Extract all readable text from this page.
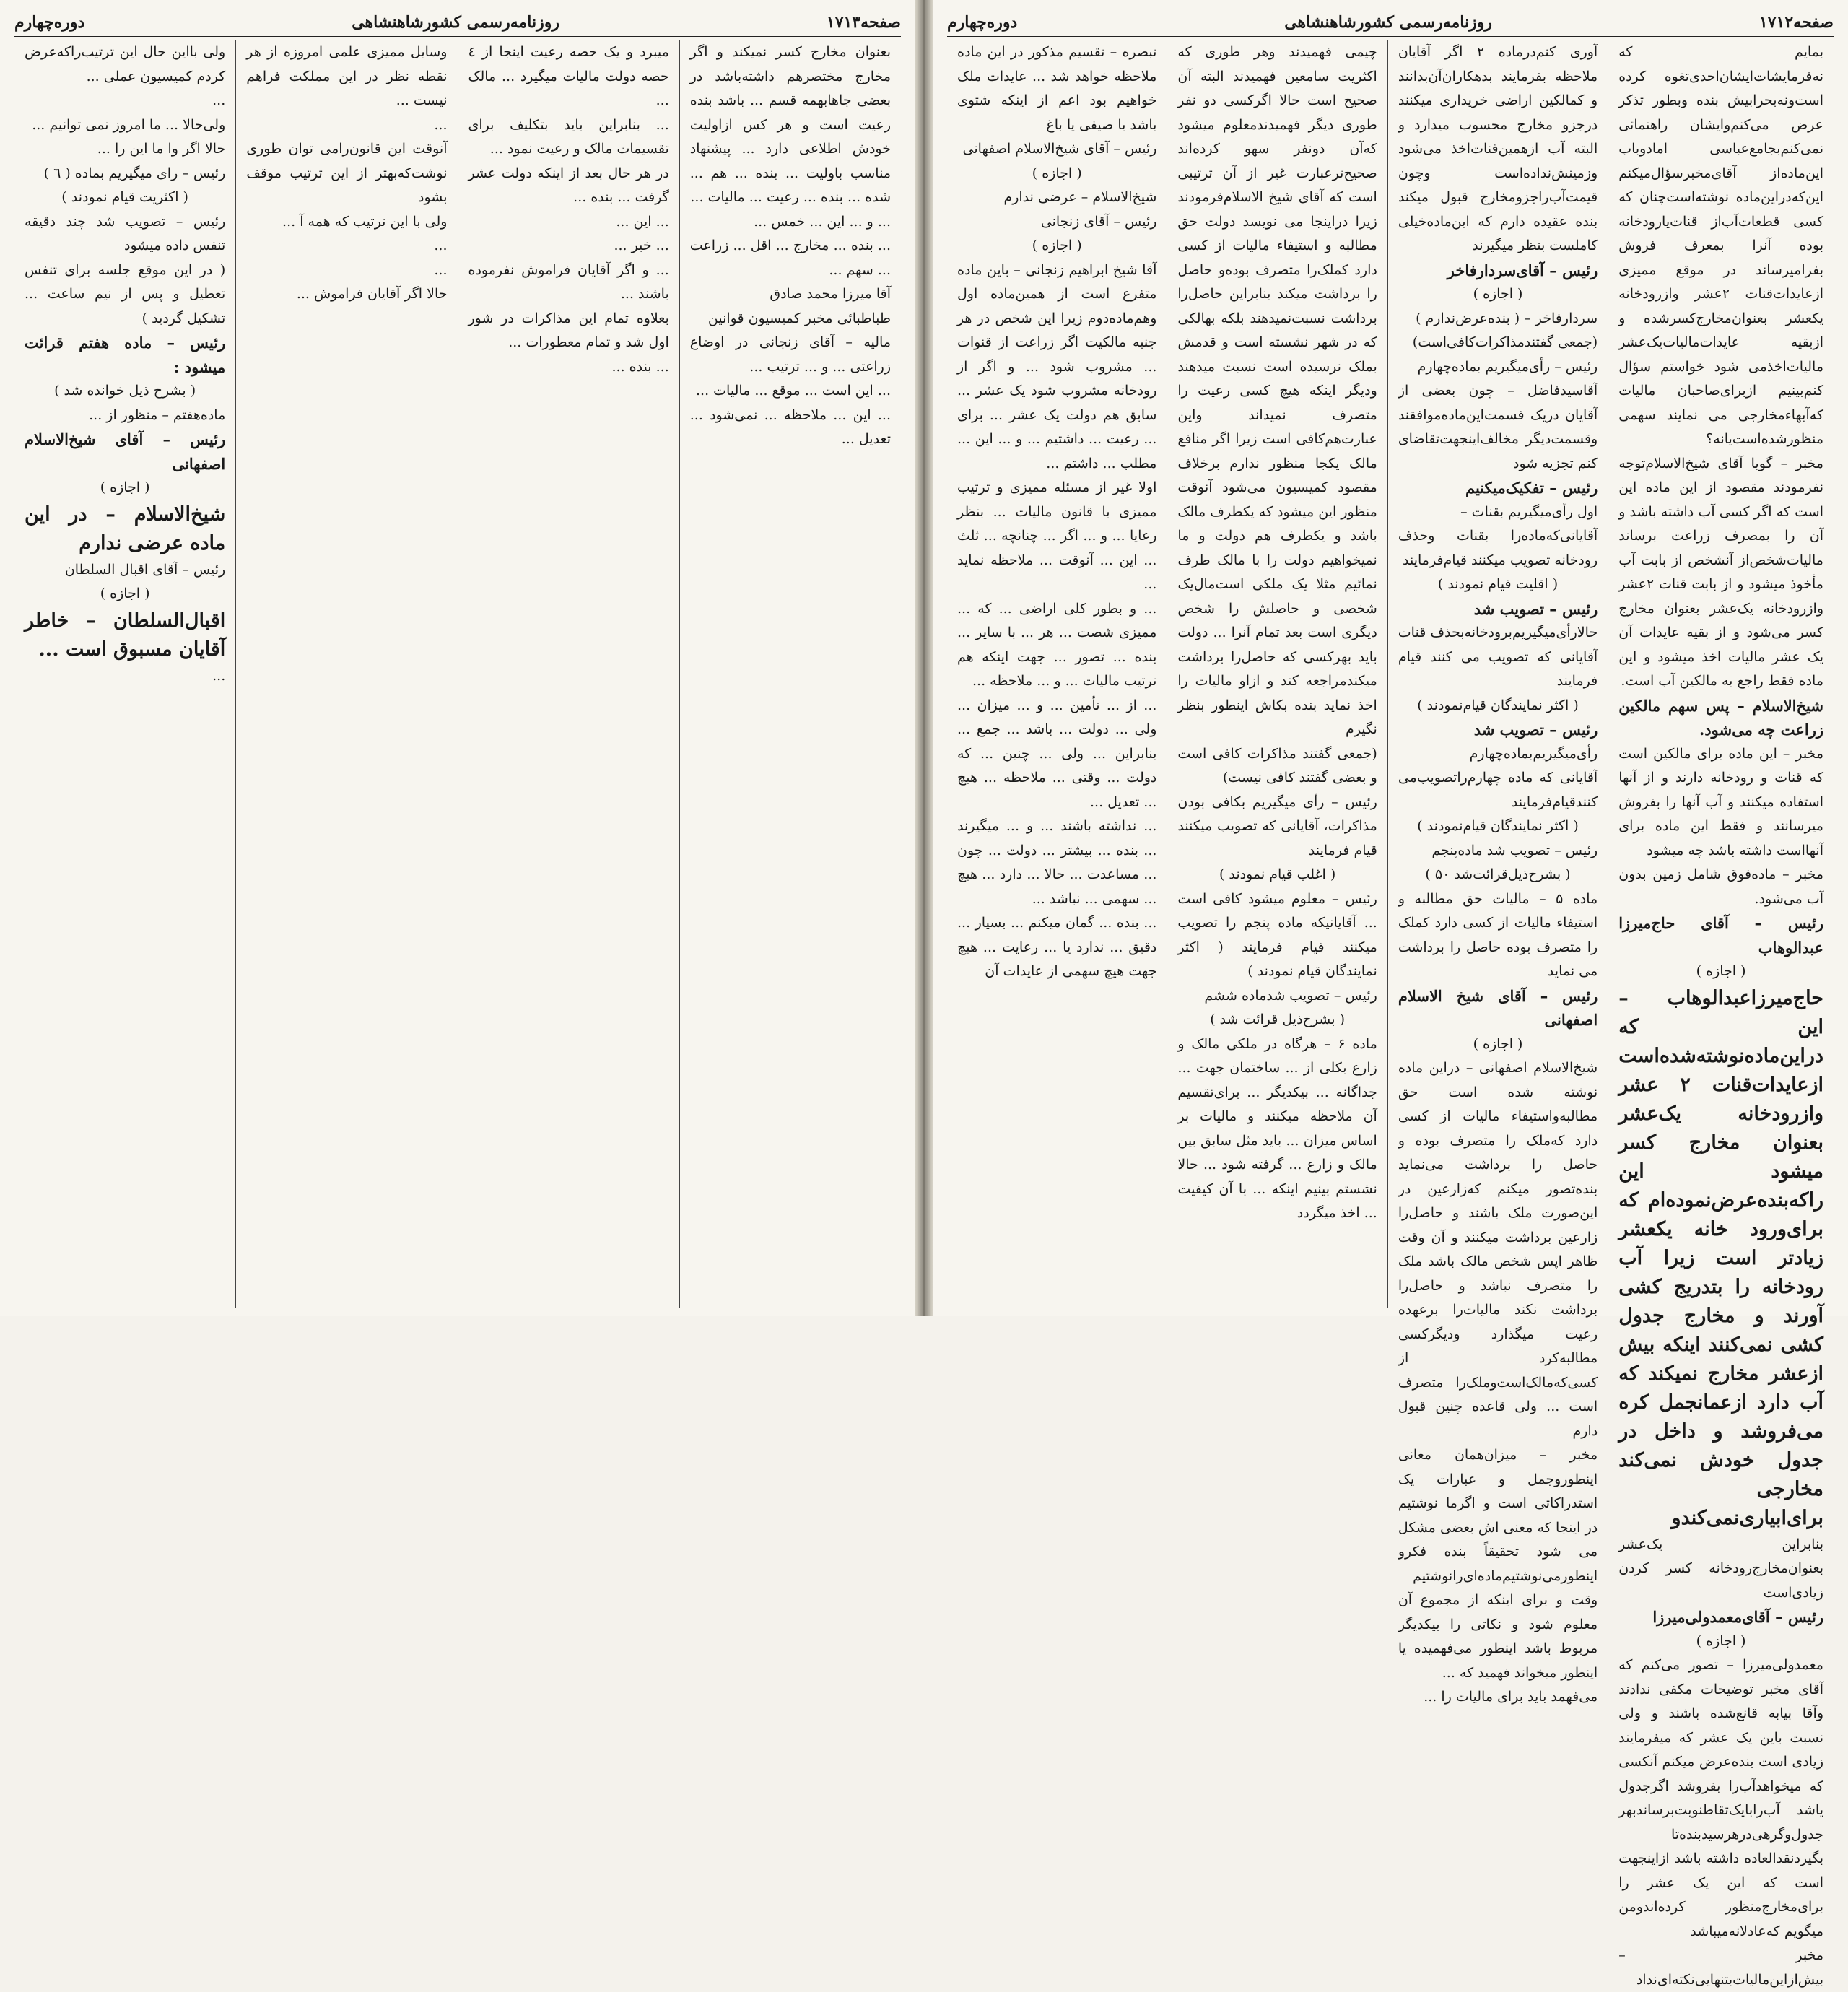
دوره‌چهارم	روزنامه‌رسمی کشورشاهنشاهی	صفحه۱۷۱۳

بعنوان مخارج کسر نمیکند و اگر مخارج مختصرهم داشته‌باشد در بعضی جاهابهمه قسم ... باشد بنده رعیت است و هر کس ازاولیت خودش اطلاعی دارد ... پیشنهاد مناسب باولیت ... بنده ... هم ... شده ... بنده ... رعیت ... مالیات ...

... و ... این ... خمس ...

... بنده ... مخارج ... اقل ... زراعت ... سهم ...

آقا میرزا محمد صادق

طباطبائی مخبر کمیسیون قوانین

مالیه – آقای زنجانی در اوضاع زراعتی ... و ... ترتیب ...

... این است ... موقع ... مالیات ...

... این ... ملاحظه ... نمی‌شود ... تعدیل ...

میبرد و یک حصه رعیت اینجا از ٤ حصه دولت مالیات میگیرد ... مالک ...

... بنابراین باید بتکلیف برای تقسیمات مالک و رعیت نمود ...

در هر حال بعد از اینکه دولت عشر گرفت ... بنده ...

... این ...

... خیر ...

... و اگر آقایان فراموش نفرموده باشند ...

بعلاوه تمام این مذاکرات در شور اول شد و تمام معطورات ...

... بنده ...

وسایل ممیزی علمی امروزه از هر نقطه نظر در این مملکت فراهم نیست ...

...

آنوقت این قانون‌رامی توان طوری نوشت‌که‌بهتر از این ترتیب موقف بشود

ولی با این ترتیب که همه آ ...

...

...

حالا اگر آقایان فراموش ...

ولی بااین حال این ترتیب‌راکه‌عرض کردم کمیسیون عملی ...

...

ولی‌حالا ... ما امروز نمی توانیم ...

حالا اگر وا ما این را ...

رئیس – رای میگیریم بماده ( ٦ )

( اکثریت قیام نمودند )

رئیس – تصویب شد چند دقیقه تنفس داده میشود

( در این موقع جلسه برای تنفس تعطیل و پس از نیم ساعت ... تشکیل گردید )

رئیس – ماده هفتم قرائت میشود :

( بشرح ذیل خوانده شد )

ماده‌هفتم – منظور از ...

رئیس – آقای شیخ‌الاسلام اصفهانی

( اجازه )

شیخ‌الاسلام – در این ماده عرضی ندارم

رئیس – آقای اقبال السلطان

( اجازه )

اقبال‌السلطان – خاطر آقایان مسبوق است ...

...

دوره‌چهارم	روزنامه‌رسمی کشورشاهنشاهی	صفحه۱۷۱۲

بمایم که نه‌فرمایشات‌ایشان‌احدی‌تغوه کرده است‌و‌نه‌بحرابیش بنده وبطور تذکر عرض می‌کنم‌وایشان راهنمائی نمی‌کنم‌بجامع‌عباسی امادوباب این‌ماده‌از آقای‌مخبر‌سؤال‌میکنم این‌که‌دراین‌ماده نوشته‌است‌چنان که کسی قطعات‌آب‌از قنات‌یارودخانه بوده آنرا بمعرف فروش بفرامیرساند در موقع ممیزی ازعایدات‌قنات ۲عشر وازرودخانه یکعشر بعنوان‌مخارج‌کسرشده و ازبقیه عایدات‌مالیات‌یک‌عشر مالیات‌اخذمی شود خواستم سؤال کنم‌بینیم ازبرای‌صاحبان مالیات که‌آبهاءمخارجی می نمایند سهمی منظور‌شده‌است‌یانه؟

مخبر – گویا آقای شیخ‌الاسلام‌توجه نفرمودند مقصود از این ماده این است که اگر کسی آب داشته باشد و آن را بمصرف زراعت برساند مالیات‌شخص‌از آنشخص از بابت آب مأخوذ میشود و از بابت قنات ۲عشر وازرودخانه یک‌عشر بعنوان مخارج کسر می‌شود و از بقیه عایدات آن یک عشر مالیات اخذ میشود و این ماده فقط راجع به مالکین آب است.

شیخ‌الاسلام – پس سهم مالکین زراعت چه می‌شود.

مخبر – این ماده برای مالکین است که قنات و رودخانه دارند و از آنها استفاده میکنند و آب آنها را بفروش میرسانند و فقط این ماده برای آنهااست داشته باشد چه میشود

مخبر – ماده‌فوق شامل زمین بدون آب می‌شود.

رئیس – آقای حاج‌میرزا عبدالوهاب

( اجازه )

حاج‌میرزا‌عبدالوهاب – این که دراین‌ماده‌نوشته‌شده‌است ازعایدات‌قنات ۲ عشر وازرودخانه یک‌عشر بعنوان مخارج کسر میشود این راکه‌بنده‌عرض‌نموده‌ام که برای‌ورود خانه یکعشر زیادتر است زیرا آب رودخانه را بتدریج کشی آورند و مخارج جدول کشی نمی‌کنند اینکه بیش ازعشر مخارج نمیکند که آب دارد ازعمانجمل کره می‌فروشد و داخل در جدول خودش نمی‌کند مخارجی برای‌ابیاری‌نمی‌کند‌و

بنابراین یک‌عشر بعنوان‌مخارج‌رودخانه کسر کردن زیادی‌است

رئیس – آقای‌معمدولی‌میرزا

( اجازه )

معمدولی‌میرزا – تصور می‌کنم که آقای مخبر توضیحات مکفی ندادند وآقا بیابه قانع‌شده باشند و ولی نسبت باین یک عشر که میفرمایند زیادی است بنده‌عرض میکنم آنکسی که میخواهدآب‌را بفروشد اگرجدول یا‌شد آب‌رابایک‌تقاطنوبت‌برساندبهر جدول‌وگرهی‌درهرسید‌بنده‌تا بگیرد‌نقدالعاده داشته باشد ازاینجهت است که این یک عشر را برای‌مخارج‌منظور کرده‌اند‌ومن میگویم که‌عادلانه‌میباشد

مخبر – بیش‌ازاین‌مالیات‌بتنهایی‌نکته‌ای‌نداد

آوری کنم‌درماده ۲ اگر آقایان ملاحظه بفرمایند بدهکاران‌آن‌بدانند و کمالکین اراضی خریداری میکنند درجزو مخارج محسوب میدارد و البته آب ازهمین‌قنات‌اخذ می‌شود وزمینش‌نداده‌است وچون قیمت‌آب‌راجزومخارج قبول میکند بنده عقیده دارم که این‌ماده‌خیلی کاملست بنظر میگیرند

رئیس – آقای‌سردارفاخر

( اجازه )

سردارفاخر – ( بنده‌عرض‌ندارم )

(جمعی گفتند‌مذاکرات‌کافی‌است)

رئیس – رأی‌میگیریم بماده‌چهارم

آقا‌سید‌فاضل – چون بعضی از آقایان دریک قسمت‌این‌ماده‌موافقند وقسمت‌دیگر مخالف‌اینجهت‌تقاضا‌ی کنم تجزیه شود

رئیس – تفکیک‌میکنیم

اول رأی‌میگیریم بقنات –

آقایانی‌که‌ماده‌را بقنات وحذف رودخانه تصویب میکنند قیام‌فرمایند

( اقلیت قیام نمودند )

رئیس – تصویب شد

حالارأی‌میگیریم‌برود‌خانه‌بحذف قنات آقایانی که تصویب می کنند قیام فرمایند

( اکثر نمایندگان قیام‌نمودند )

رئیس – تصویب شد

رأی‌میگیریم‌بماده‌چهارم

آقایانی که ماده چهارم‌را‌تصویب‌می کنندقیام‌فرمایند

( اکثر نمایندگان قیام‌نمودند )

رئیس – تصویب شد ماده‌پنجم

( بشرح‌ذیل‌قرائت‌شد ۵۰ )

ماده ۵ – مالیات حق مطالبه و استیفاء مالیات از کسی دارد کملک را متصرف بوده حاصل را برداشت می نماید

رئیس – آقای شیخ الاسلام اصفهانی

( اجازه )

شیخ‌الاسلام اصفهانی – دراین ماده نوشته شده است حق مطالبه‌واستیفاء مالیات از کسی دارد که‌ملک را متصرف بوده و حاصل را برداشت می‌نماید بنده‌تصور میکنم که‌زارعین در این‌صورت ملک باشند و حاصل‌را زارعین برداشت میکنند و آن‌ وقت ظاهر اپس شخص مالک باشد ملک را متصرف نباشد و حاصل‌را ‌برداشت نکند مالیات‌را برعهده‌ ‌رعیت میگذارد ودیگرکسی مطالبه‌کرد از کسی‌که‌مالک‌است‌و‌ملک‌را متصرف است‌ ... ولی قاعده چنین قبول دارم

مخبر – میزان‌همان معانی اینطوروجمل و عبارات یک استدراکاتی است و اگرما نوشتیم در اینجا که معنی اش بعضی مشکل می شود تحقیقاً بنده فکرو اینطور‌می‌نوشتیم‌ماده‌ای‌را‌نوشتیم وقت‌ و برای اینکه از مجموع‌ آن‌ معلوم‌ شود و نکاتی را بیکدیگر مربوط باشد اینطور می‌فهمیده یا اینطور میخواند فهمید که ...

می‌فهمد باید برای‌ مالیات‌ را ...

چیمی فهمیدند وهر طوری که اکثریت سامعین فهمیدند البته آن صحیح است حالا اگرکسی دو نفر طوری دیگر فهمیدند‌معلوم میشود که‌آن دونفر سهو کرده‌اند صحیح‌ترعبارت غیر از آن ترتیبی است که آقای شیخ ‌الاسلام‌فرمودند زیرا دراینجا می نویسد دولت حق مطالبه و استیفاء مالیات از کسی دارد کملک‌را متصرف بوده‌و حاصل را برداشت میکند بنابراین حاصل‌را برداشت نسبت‌نمیدهند‌ بلکه بهالکی که در شهر نشسته است و قدمش بملک نرسیده است نسبت میدهند ودیگر اینکه هیچ کسی رعیت را متصرف نمیداند واین عبارت‌هم‌کافی است زیرا اگر منافع مالک یکجا منظور ندارم برخلاف مقصود کمیسیون می‌شود آنوقت منظور این میشود که یکطرف مالک باشد و یکطرف هم دولت و ما نمیخواهیم دولت را با مالک طرف نمائیم مثلا یک ملکی است‌مال‌یک شخصی و حاصلش را شخص دیگری است بعد تمام‌ آنرا ... دولت باید بهرکسی که حاصل‌را برداشت میکندمراجعه کند و ازاو مالیات را اخذ نماید بنده بکاش اینطور بنظر نگیرم

(جمعی گفتند مذاکرات کافی است و بعضی گفتند کافی نیست)

رئیس – رأی میگیریم بکافی بودن مذاکرات، آقایانی که تصویب میکنند قیام فرمایند

( اغلب قیام نمودند )

رئیس – معلوم میشود کافی است ... آقایانیکه ماده پنجم را تصویب میکنند قیام فرمایند ( اکثر نمایندگان قیام نمودند )

رئیس – تصویب شد‌ماده ششم

( بشرح‌ذیل قرائت شد )

ماده ۶ – هرگاه در ملکی مالک و زارع بکلی از ... ساختمان جهت ... جداگانه ... بیکدیگر ... برای‌تقسیم آن ملاحظه میکنند و مالیات بر اساس میزان ... باید مثل سابق بین مالک و زارع ... گرفته شود ... حالا نشستم بینیم اینکه ... با آن کیفیت ... اخذ میگردد

تبصره – تقسیم مذکور در این ماده ملاحظه خواهد شد ... عایدات ملک خواهیم بود اعم از اینکه شتوی باشد یا صیفی یا باغ

رئیس – آقای شیخ‌الاسلام اصفهانی

( اجازه )

شیخ‌الاسلام – عرضی ندارم

رئیس – آقای زنجانی

( اجازه )

آقا شیخ ابراهیم زنجانی – باین ماده متفرع است از همین‌ماده اول وهم‌ماده‌دوم زیرا این شخص در هر جنبه مالکیت اگر زراعت از قنوات ... مشروب شود ... و اگر از رودخانه مشروب شود یک عشر ... سابق هم دولت یک عشر ... برای ... رعیت ... داشتیم ... و ... این ... مطلب ... داشتم ...

اولا غیر از مسئله ممیزی و ترتیب ممیزی با قانون مالیات ... بنظر رعایا ... و ... اگر ... چنانچه ... ثلث ... این ... آنوقت ... ملاحظه نماید ...

... و بطور کلی اراضی ... که ... ممیزی شصت ... هر ... با سایر ... بنده ... تصور ... جهت اینکه هم ترتیب مالیات ... و ... ملاحظه ...

... از ... تأمین ... و ... میزان ... ولی ... دولت ... باشد ... جمع ... بنابراین ... ولی ... چنین ... که دولت ... وقتی ... ملاحظه ... هیچ ... تعدیل ...

... نداشته باشند ... و ... میگیرند ... بنده ... بیشتر ... دولت ... چون ... مساعدت ... حالا ... دارد ... هیچ ... سهمی ... نباشد ...

... بنده ... گمان میکنم ... بسیار ... دقیق ... ندارد یا ... رعایت ... هیچ جهت هیچ سهمی از عایدات آن
